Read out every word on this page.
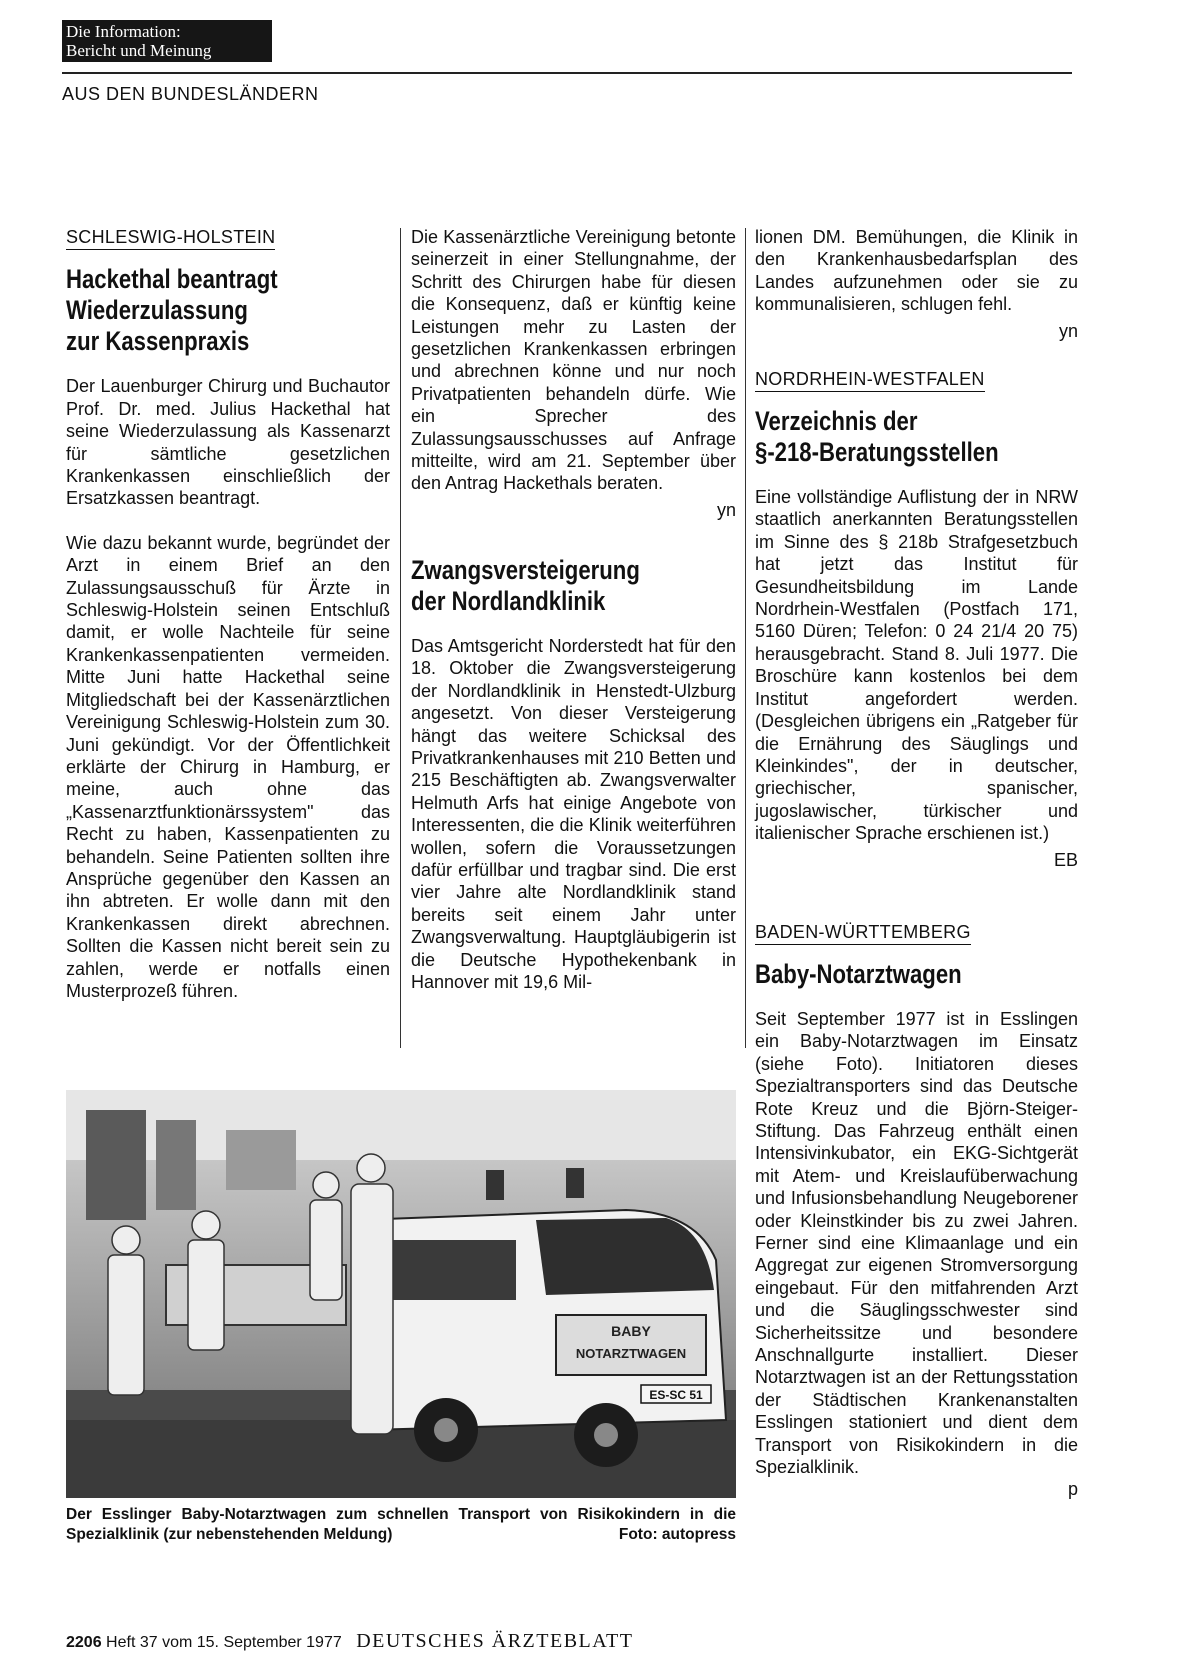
Die Information:
Bericht und Meinung
AUS DEN BUNDESLÄNDERN
SCHLESWIG-HOLSTEIN
Hackethal beantragt
Wiederzulassung
zur Kassenpraxis

Der Lauenburger Chirurg und Buchautor Prof. Dr. med. Julius Hackethal hat seine Wiederzulassung als Kassenarzt für sämtliche gesetzlichen Krankenkassen einschließlich der Ersatzkassen beantragt.

Wie dazu bekannt wurde, begründet der Arzt in einem Brief an den Zulassungsausschuß für Ärzte in Schleswig-Holstein seinen Entschluß damit, er wolle Nachteile für seine Krankenkassenpatienten vermeiden. Mitte Juni hatte Hackethal seine Mitgliedschaft bei der Kassenärztlichen Vereinigung Schleswig-Holstein zum 30. Juni gekündigt. Vor der Öffentlichkeit erklärte der Chirurg in Hamburg, er meine, auch ohne das „Kassenarztfunktionärssystem" das Recht zu haben, Kassenpatienten zu behandeln. Seine Patienten sollten ihre Ansprüche gegenüber den Kassen an ihn abtreten. Er wolle dann mit den Krankenkassen direkt abrechnen. Sollten die Kassen nicht bereit sein zu zahlen, werde er notfalls einen Musterprozeß führen.

Die Kassenärztliche Vereinigung betonte seinerzeit in einer Stellungnahme, der Schritt des Chirurgen habe für diesen die Konsequenz, daß er künftig keine Leistungen mehr zu Lasten der gesetzlichen Krankenkassen erbringen und abrechnen könne und nur noch Privatpatienten behandeln dürfe. Wie ein Sprecher des Zulassungsausschusses auf Anfrage mitteilte, wird am 21. September über den Antrag Hackethals beraten.

yn
Zwangsversteigerung
der Nordlandklinik

Das Amtsgericht Norderstedt hat für den 18. Oktober die Zwangsversteigerung der Nordlandklinik in Henstedt-Ulzburg angesetzt. Von dieser Versteigerung hängt das weitere Schicksal des Privatkrankenhauses mit 210 Betten und 215 Beschäftigten ab. Zwangsverwalter Helmuth Arfs hat einige Angebote von Interessenten, die die Klinik weiterführen wollen, sofern die Voraussetzungen dafür erfüllbar und tragbar sind. Die erst vier Jahre alte Nordlandklinik stand bereits seit einem Jahr unter Zwangsverwaltung. Hauptgläubigerin ist die Deutsche Hypothekenbank in Hannover mit 19,6 Mil-

lionen DM. Bemühungen, die Klinik in den Krankenhausbedarfsplan des Landes aufzunehmen oder sie zu kommunalisieren, schlugen fehl.

yn
NORDRHEIN-WESTFALEN
Verzeichnis der
§-218-Beratungsstellen

Eine vollständige Auflistung der in NRW staatlich anerkannten Beratungsstellen im Sinne des § 218b Strafgesetzbuch hat jetzt das Institut für Gesundheitsbildung im Lande Nordrhein-Westfalen (Postfach 171, 5160 Düren; Telefon: 0 24 21/4 20 75) herausgebracht. Stand 8. Juli 1977. Die Broschüre kann kostenlos bei dem Institut angefordert werden. (Desgleichen übrigens ein „Ratgeber für die Ernährung des Säuglings und Kleinkindes", der in deutscher, griechischer, spanischer, jugoslawischer, türkischer und italienischer Sprache erschienen ist.)

EB
BADEN-WÜRTTEMBERG
Baby-Notarztwagen

Seit September 1977 ist in Esslingen ein Baby-Notarztwagen im Einsatz (siehe Foto). Initiatoren dieses Spezialtransporters sind das Deutsche Rote Kreuz und die Björn-Steiger-Stiftung. Das Fahrzeug enthält einen Intensivinkubator, ein EKG-Sichtgerät mit Atem- und Kreislaufüberwachung und Infusionsbehandlung Neugeborener oder Kleinstkinder bis zu zwei Jahren. Ferner sind eine Klimaanlage und ein Aggregat zur eigenen Stromversorgung eingebaut. Für den mitfahrenden Arzt und die Säuglingsschwester sind Sicherheitssitze und besondere Anschnallgurte installiert. Dieser Notarztwagen ist an der Rettungsstation der Städtischen Krankenanstalten Esslingen stationiert und dient dem Transport von Risikokindern in die Spezialklinik.

p
BABY
NOTARZTWAGEN
ES-SC 51
Der Esslinger Baby-Notarztwagen zum schnellen Transport von Risikokindern in die Spezialklinik (zur nebenstehenden Meldung)	Foto: autopress
2206 Heft 37 vom 15. September 1977 DEUTSCHES ÄRZTEBLATT
